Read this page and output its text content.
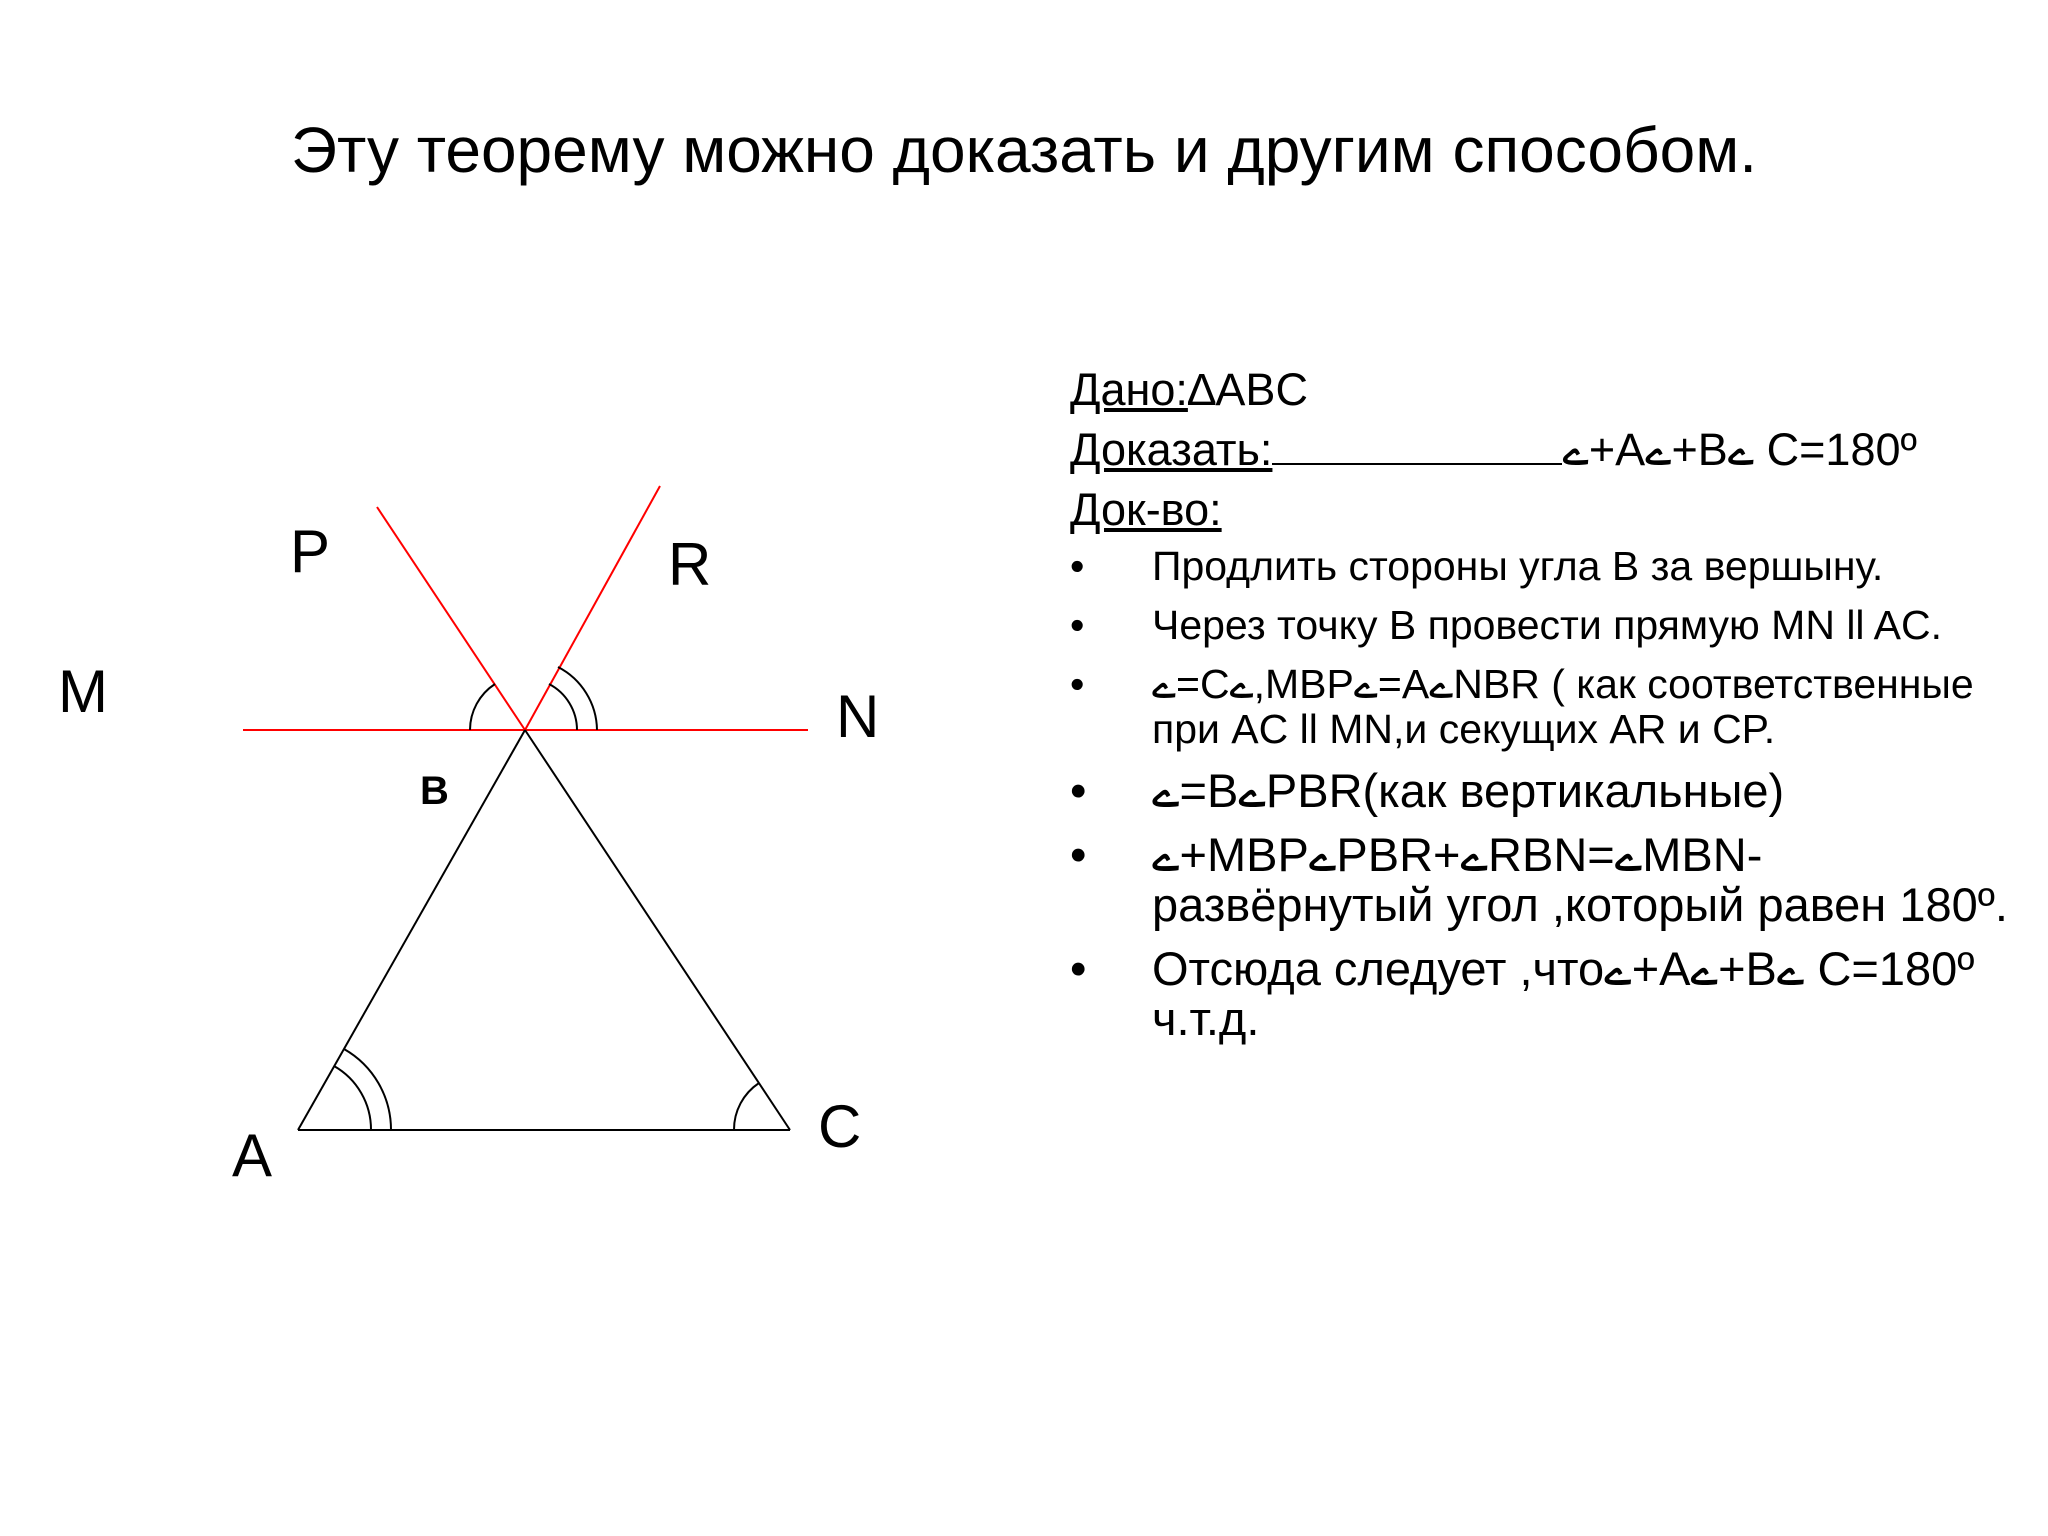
Эту теорему можно доказать и другим способом.
P	R
M	N
B
A	C
Дано:∆ABC
Доказать:	ے+Aے+Bے C=180º
Док-во:
• Продлить стороны угла B за вершыну.
• Через точку B провести прямую MN ll AC.
• ے=Cے,MBPے=AےNBR ( как соответственные при AC ll MN,и секущих AR и CP.
• ے=BےPBR(как вертикальные)
• ے+MBPےPBR+ےRBN=ےMBN-развёрнутый угол ,который равен 180º.
• Отсюда следует ,чтоے+Aے+Bے C=180º ч.т.д.
